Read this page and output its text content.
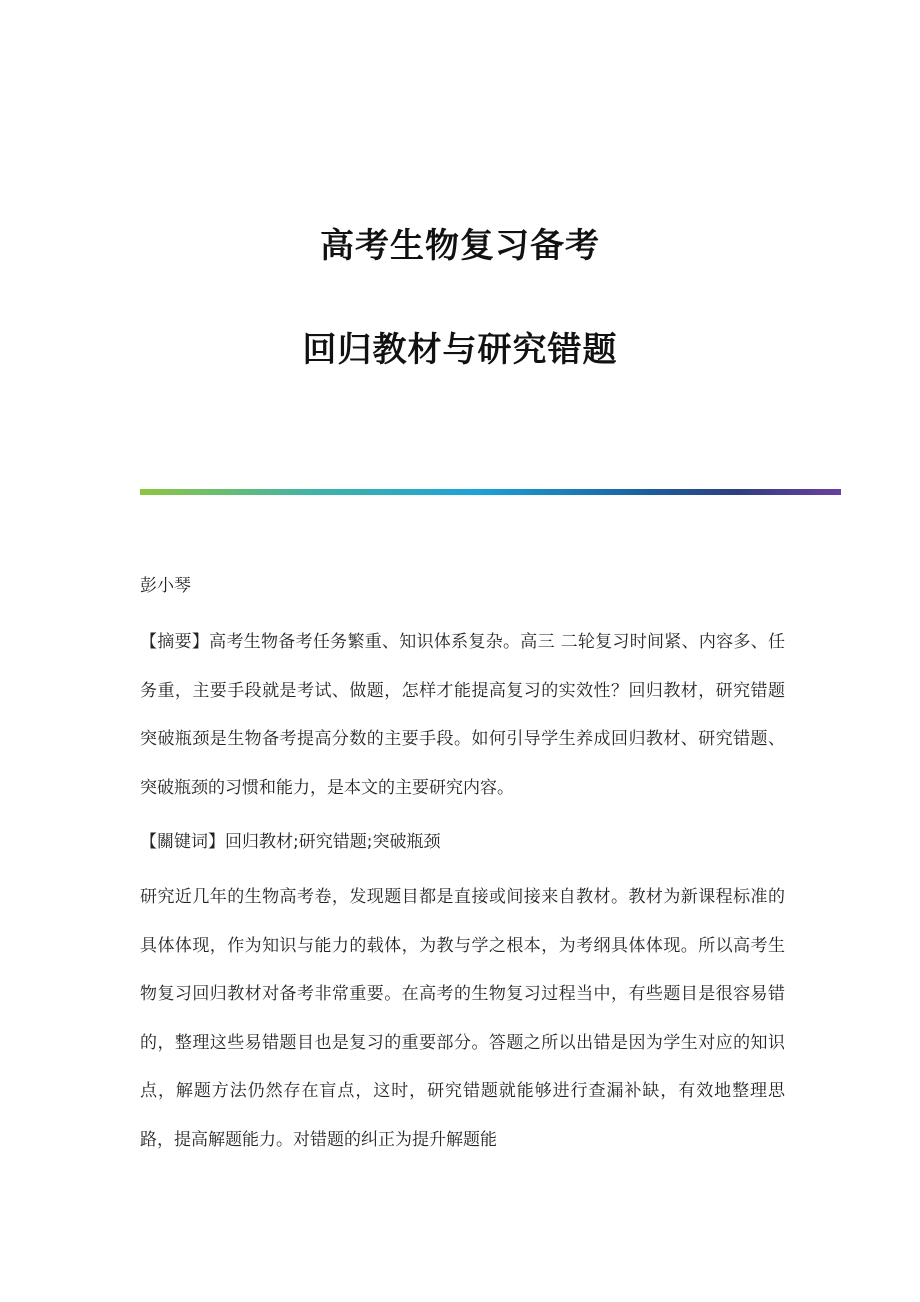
高考生物复习备考
回归教材与研究错题

彭小琴

【摘要】高考生物备考任务繁重、知识体系复杂。高三 二轮复习时间紧、内容多、任务重，主要手段就是考试、做题，怎样才能提高复习的实效性？回归教材，研究错题突破瓶颈是生物备考提高分数的主要手段。如何引导学生养成回归教材、研究错题、突破瓶颈的习惯和能力，是本文的主要研究内容。

【關键词】回归教材;研究错题;突破瓶颈

研究近几年的生物高考卷，发现题目都是直接或间接来自教材。教材为新课程标准的具体体现，作为知识与能力的载体，为教与学之根本，为考纲具体体现。所以高考生物复习回归教材对备考非常重要。在高考的生物复习过程当中，有些题目是很容易错的，整理这些易错题目也是复习的重要部分。答题之所以出错是因为学生对应的知识点，解题方法仍然存在盲点，这时，研究错题就能够进行查漏补缺，有效地整理思路，提高解题能力。对错题的纠正为提升解题能
